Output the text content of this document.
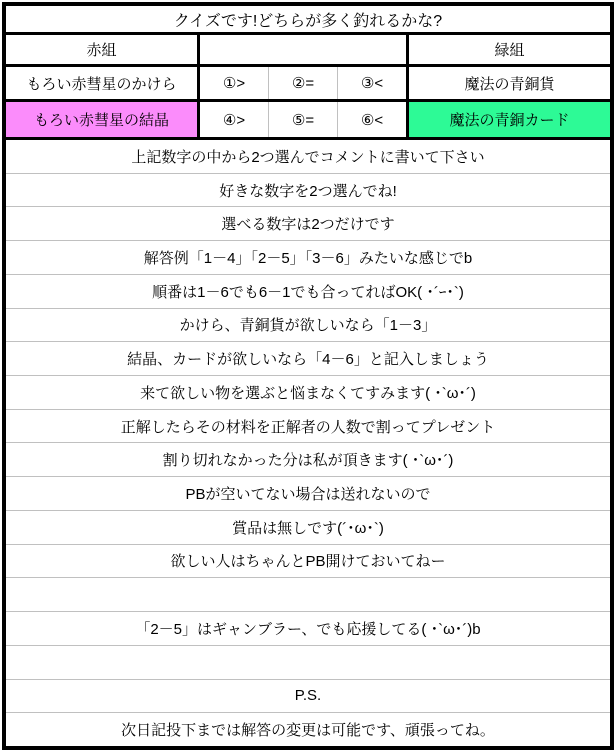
クイズです!どちらが多く釣れるかな?
赤組	緑組
もろい赤彗星のかけら	①>	②=	③<	魔法の青銅貨
もろい赤彗星の結晶	④>	⑤=	⑥<	魔法の青銅カード
上記数字の中から2つ選んでコメントに書いて下さい
好きな数字を2つ選んでね!
選べる数字は2つだけです
解答例「1－4」「2－5」「3－6」みたいな感じでb
順番は1－6でも6－1でも合ってればOK( ･´ｰ･`)
かけら、青銅貨が欲しいなら「1－3」
結晶、カードが欲しいなら「4－6」と記入しましょう
来て欲しい物を選ぶと悩まなくてすみます( ･`ω･´)
正解したらその材料を正解者の人数で割ってプレゼント
割り切れなかった分は私が頂きます( ･`ω･´)
PBが空いてない場合は送れないので
賞品は無しです(´･ω･`)
欲しい人はちゃんとPB開けておいてねー
「2－5」はギャンブラー、でも応援してる( ･`ω･´)b
P.S.
次日記投下までは解答の変更は可能です、頑張ってね。
